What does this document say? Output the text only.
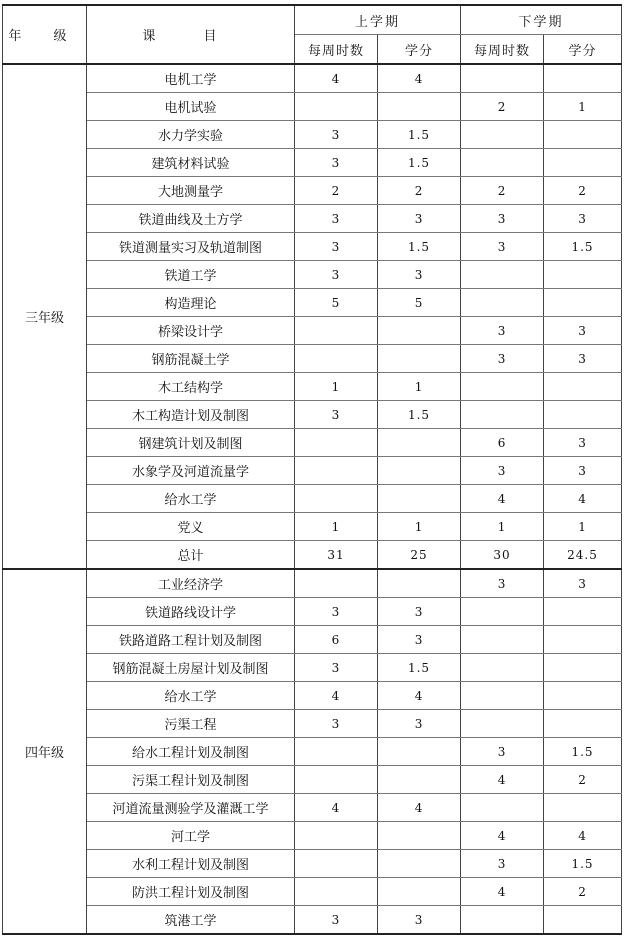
年 级	课 目	上学期		下学期	
		每周时数	学分	每周时数	学分
三年级	电机工学	4	4		
	电机试验			2	1
	水力学实验	3	1.5		
	建筑材料试验	3	1.5		
	大地测量学	2	2	2	2
	铁道曲线及土方学	3	3	3	3
	铁道测量实习及轨道制图	3	1.5	3	1.5
	铁道工学	3	3		
	构造理论	5	5		
	桥梁设计学			3	3
	钢筋混凝土学			3	3
	木工结构学	1	1		
	木工构造计划及制图	3	1.5		
	钢建筑计划及制图			6	3
	水象学及河道流量学			3	3
	给水工学			4	4
	党义	1	1	1	1
	总计	31	25	30	24.5
四年级	工业经济学			3	3
	铁道路线设计学	3	3		
	铁路道路工程计划及制图	6	3		
	钢筋混凝土房屋计划及制图	3	1.5		
	给水工学	4	4		
	污渠工程	3	3		
	给水工程计划及制图			3	1.5
	污渠工程计划及制图			4	2
	河道流量测验学及灌溉工学	4	4		
	河工学			4	4
	水利工程计划及制图			3	1.5
	防洪工程计划及制图			4	2
	筑港工学	3	3		
